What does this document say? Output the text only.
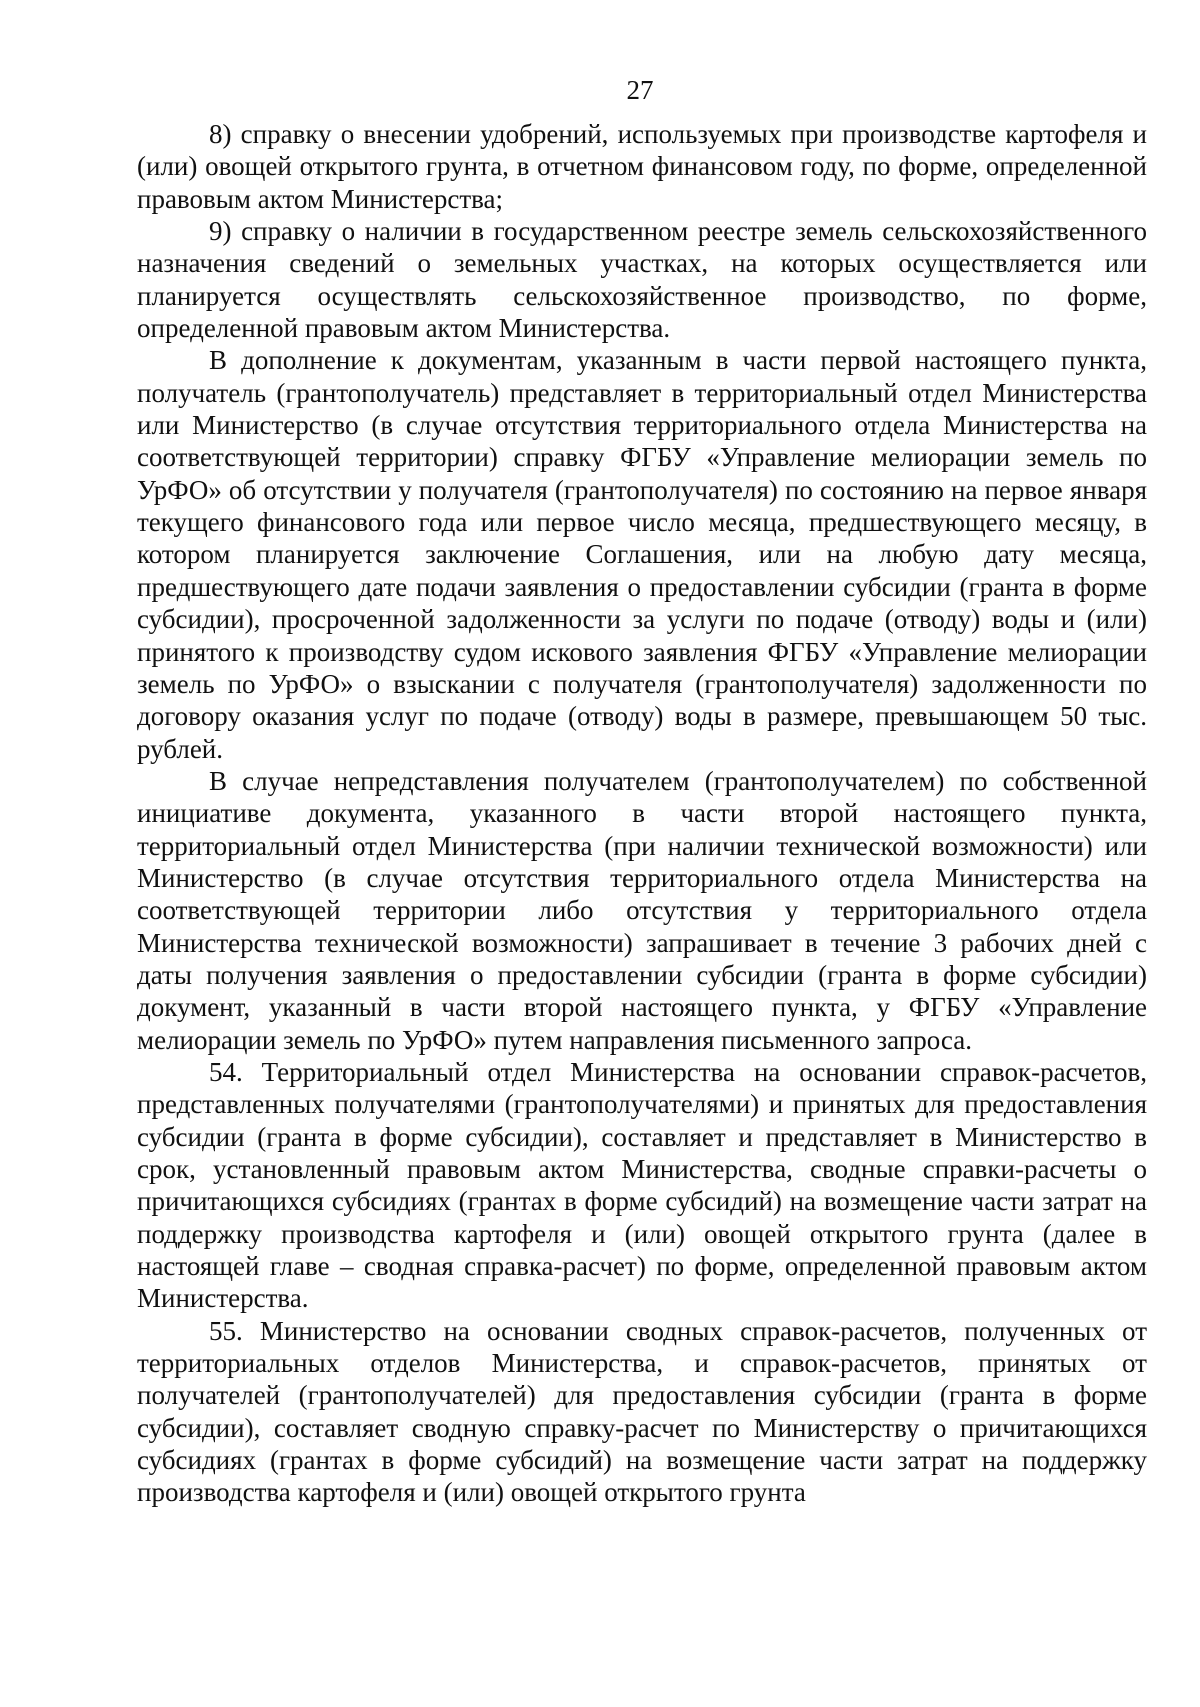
27

8) справку о внесении удобрений, используемых при производстве картофеля и (или) овощей открытого грунта, в отчетном финансовом году, по форме, определенной правовым актом Министерства;

9) справку о наличии в государственном реестре земель сельскохозяйственного назначения сведений о земельных участках, на которых осуществляется или планируется осуществлять сельскохозяйственное производство, по форме, определенной правовым актом Министерства.

В дополнение к документам, указанным в части первой настоящего пункта, получатель (грантополучатель) представляет в территориальный отдел Министерства или Министерство (в случае отсутствия территориального отдела Министерства на соответствующей территории) справку ФГБУ «Управление мелиорации земель по УрФО» об отсутствии у получателя (грантополучателя) по состоянию на первое января текущего финансового года или первое число месяца, предшествующего месяцу, в котором планируется заключение Соглашения, или на любую дату месяца, предшествующего дате подачи заявления о предоставлении субсидии (гранта в форме субсидии), просроченной задолженности за услуги по подаче (отводу) воды и (или) принятого к производству судом искового заявления ФГБУ «Управление мелиорации земель по УрФО» о взыскании с получателя (грантополучателя) задолженности по договору оказания услуг по подаче (отводу) воды в размере, превышающем 50 тыс. рублей.

В случае непредставления получателем (грантополучателем) по собственной инициативе документа, указанного в части второй настоящего пункта, территориальный отдел Министерства (при наличии технической возможности) или Министерство (в случае отсутствия территориального отдела Министерства на соответствующей территории либо отсутствия у территориального отдела Министерства технической возможности) запрашивает в течение 3 рабочих дней с даты получения заявления о предоставлении субсидии (гранта в форме субсидии) документ, указанный в части второй настоящего пункта, у ФГБУ «Управление мелиорации земель по УрФО» путем направления письменного запроса.

54. Территориальный отдел Министерства на основании справок-расчетов, представленных получателями (грантополучателями) и принятых для предоставления субсидии (гранта в форме субсидии), составляет и представляет в Министерство в срок, установленный правовым актом Министерства, сводные справки-расчеты о причитающихся субсидиях (грантах в форме субсидий) на возмещение части затрат на поддержку производства картофеля и (или) овощей открытого грунта (далее в настоящей главе – сводная справка-расчет) по форме, определенной правовым актом Министерства.

55. Министерство на основании сводных справок-расчетов, полученных от территориальных отделов Министерства, и справок-расчетов, принятых от получателей (грантополучателей) для предоставления субсидии (гранта в форме субсидии), составляет сводную справку-расчет по Министерству о причитающихся субсидиях (грантах в форме субсидий) на возмещение части затрат на поддержку производства картофеля и (или) овощей открытого грунта
